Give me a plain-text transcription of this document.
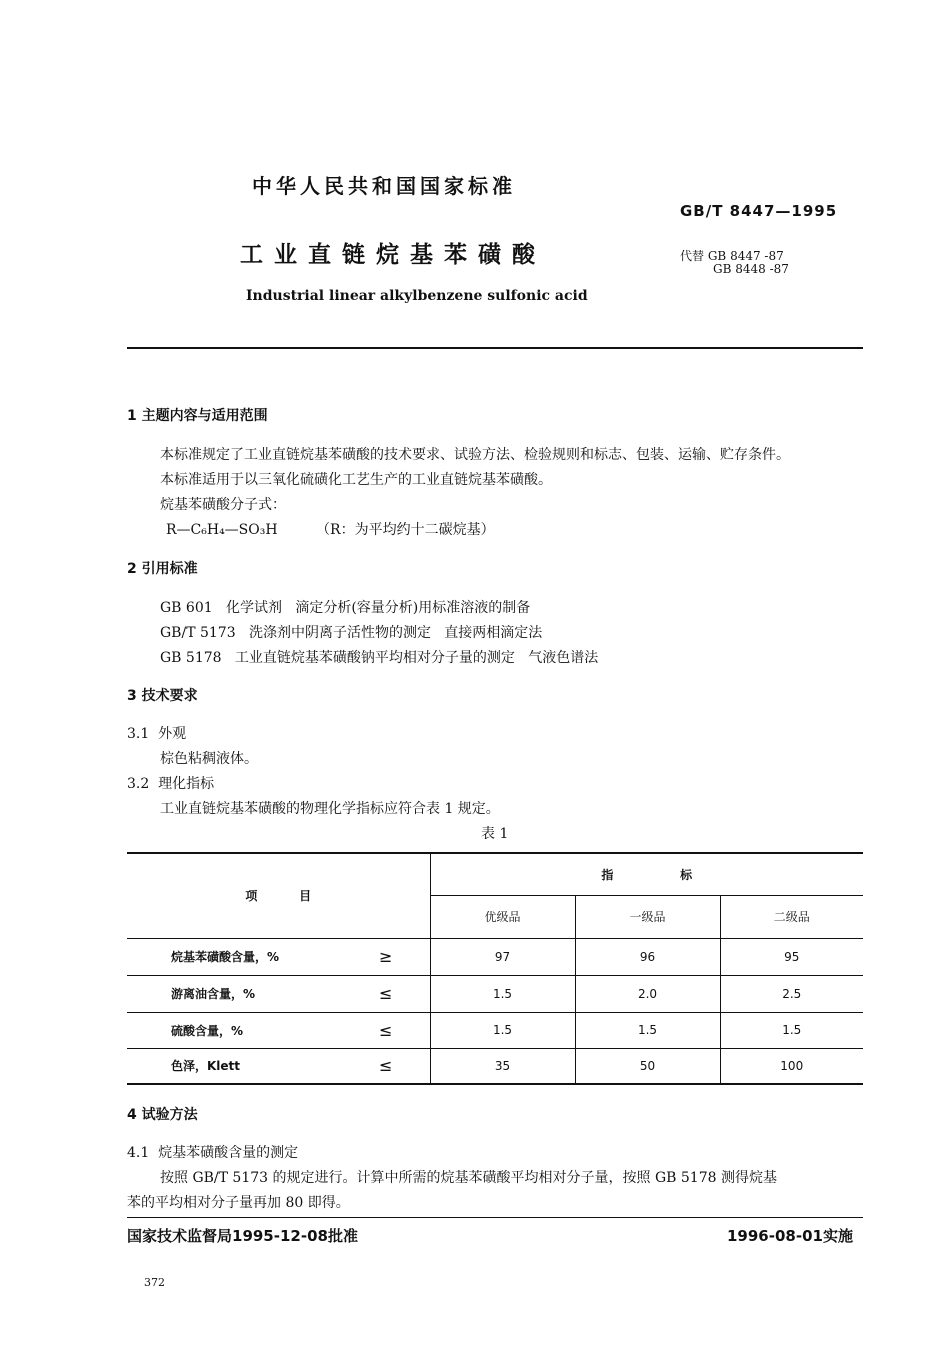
中华人民共和国国家标准
GB/T 8447—1995
工业直链烷基苯磺酸	代替 GB 8447 -87
GB 8448 -87
Industrial linear alkylbenzene sulfonic acid
1 主题内容与适用范围
本标准规定了工业直链烷基苯磺酸的技术要求、试验方法、检验规则和标志、包装、运输、贮存条件。
本标准适用于以三氧化硫磺化工艺生产的工业直链烷基苯磺酸。
烷基苯磺酸分子式：
R—C₆H₄—SO₃H	（R：为平均约十二碳烷基）
2 引用标准
GB 601   化学试剂   滴定分析(容量分析)用标准溶液的制备
GB/T 5173   洗涤剂中阴离子活性物的测定   直接两相滴定法
GB 5178   工业直链烷基苯磺酸钠平均相对分子量的测定   气液色谱法
3 技术要求
3.1  外观
棕色粘稠液体。
3.2  理化指标
工业直链烷基苯磺酸的物理化学指标应符合表 1 规定。
表 1
项          目		指                标		
		优级品	一级品	二级品
烷基苯磺酸含量，%	≥	97	96	95
游离油含量，%	≤	1.5	2.0	2.5
硫酸含量，%	≤	1.5	1.5	1.5
色泽，Klett	≤	35	50	100
4 试验方法
4.1  烷基苯磺酸含量的测定
按照 GB/T 5173 的规定进行。计算中所需的烷基苯磺酸平均相对分子量，按照 GB 5178 测得烷基
苯的平均相对分子量再加 80 即得。
国家技术监督局1995-12-08批准	1996-08-01实施
372
